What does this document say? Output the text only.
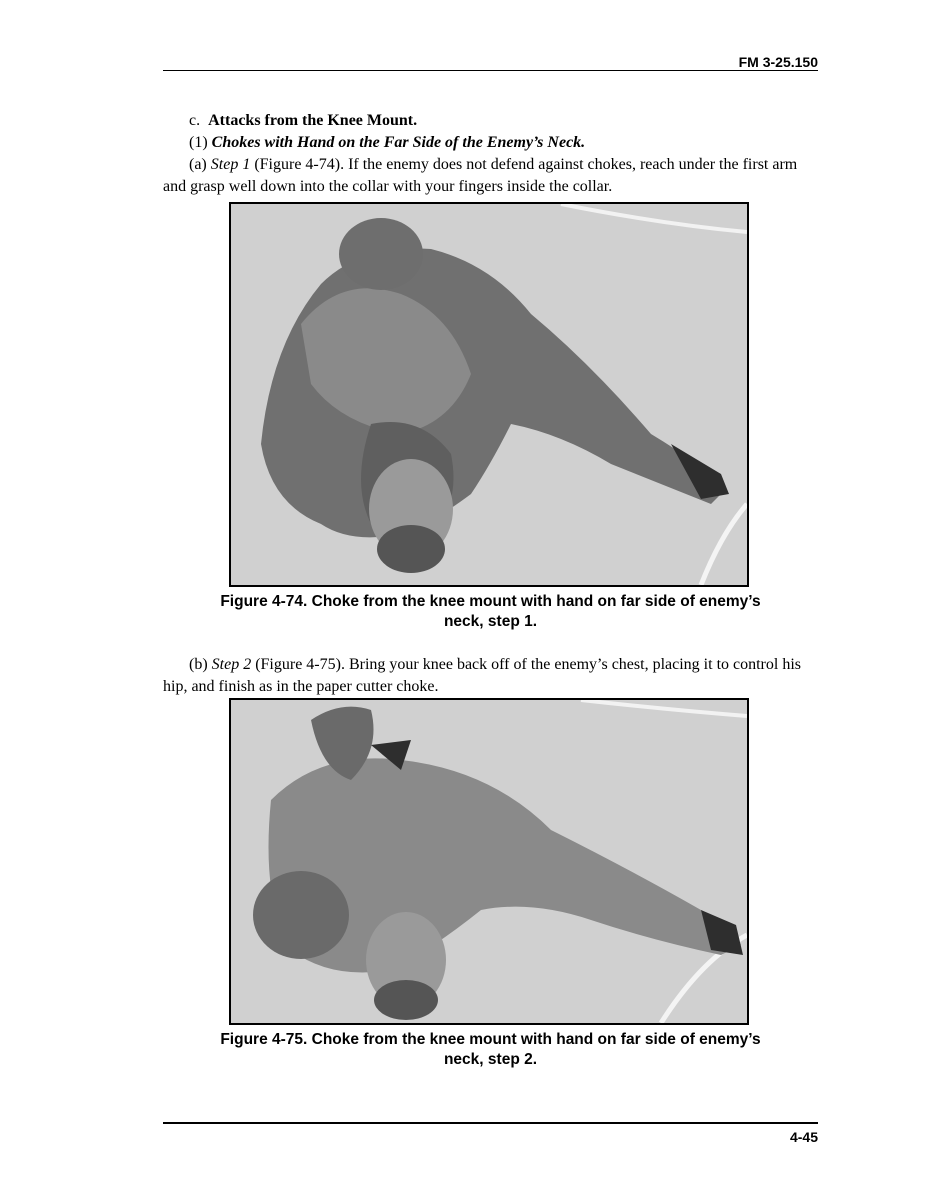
FM 3-25.150
c. Attacks from the Knee Mount.
(1) Chokes with Hand on the Far Side of the Enemy’s Neck.
(a) Step 1 (Figure 4-74). If the enemy does not defend against chokes, reach under the first arm and grasp well down into the collar with your fingers inside the collar.
Figure 4-74. Choke from the knee mount with hand on far side of enemy’s
neck, step 1.
(b) Step 2 (Figure 4-75). Bring your knee back off of the enemy’s chest, placing it to control his hip, and finish as in the paper cutter choke.
Figure 4-75. Choke from the knee mount with hand on far side of enemy’s
neck, step 2.
4-45
